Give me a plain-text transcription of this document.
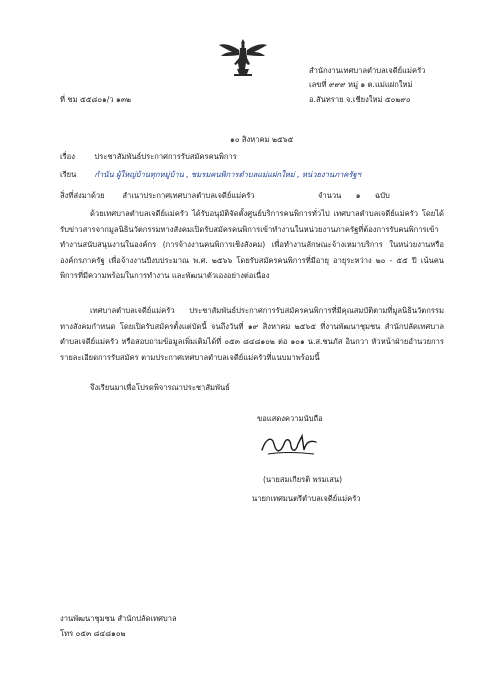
ที่ ชม ๕๕๘๐๑/ว ๑๓๒
สำนักงานเทศบาลตำบลเจดีย์แม่ครัว
เลขที่ ๙๙๙ หมู่ ๑ ต.แม่แฝกใหม่
อ.สันทราย จ.เชียงใหม่ ๕๐๒๙๐
๑๐ สิงหาคม ๒๕๖๕
เรื่อง	ประชาสัมพันธ์ประกาศการรับสมัครคนพิการ
เรียน กำนัน ผู้ใหญ่บ้านทุกหมู่บ้าน , ชมรมคนพิการตำบลแม่แฝกใหม่ , หน่วยงานภาครัฐฯ
สิ่งที่ส่งมาด้วย สำเนาประกาศเทศบาลตำบลเจดีย์แม่ครัว	จำนวน ๑ ฉบับ
ด้วยเทศบาลตำบลเจดีย์แม่ครัว ได้รับอนุมัติจัดตั้งศูนย์บริการคนพิการทั่วไป เทศบาลตำบลเจดีย์แม่ครัว โดยได้รับข่าวสารจากมูลนิธินวัตกรรมทางสังคมเปิดรับสมัครคนพิการเข้าทำงานในหน่วยงานภาครัฐที่ต้องการรับคนพิการเข้าทำงานสนับสนุนงานในองค์กร (การจ้างงานคนพิการเชิงสังคม) เพื่อทำงานลักษณะจ้างเหมาบริการ ในหน่วยงานหรือองค์กรภาครัฐ เพื่อจ้างงานปีงบประมาณ พ.ศ. ๒๕๖๖ โดยรับสมัครคนพิการที่มีอายุ อายุระหว่าง ๒๐ - ๕๕ ปี เน้นคนพิการที่มีความพร้อมในการทำงาน และพัฒนาตัวเองอย่างต่อเนื่อง
เทศบาลตำบลเจดีย์แม่ครัว ประชาสัมพันธ์ประกาศการรับสมัครคนพิการที่มีคุณสมบัติตามที่มูลนิธินวัตกรรมทางสังคมกำหนด โดยเปิดรับสมัครตั้งแต่บัดนี้ จนถึงวันที่ ๑๙ สิงหาคม ๒๕๖๕ ที่งานพัฒนาชุมชน สำนักปลัดเทศบาลตำบลเจดีย์แม่ครัว หรือสอบถามข้อมูลเพิ่มเติมได้ที่ ๐๕๓ ๘๔๘๑๐๒ ต่อ ๑๐๑ น.ส.ชนภัส อินกวา หัวหน้าฝ่ายอำนวยการ รายละเอียดการรับสมัคร ตามประกาศเทศบาลตำบลเจดีย์แม่ครัวที่แนบมาพร้อมนี้
จึงเรียนมาเพื่อโปรดพิจารณาประชาสัมพันธ์
ขอแสดงความนับถือ
(นายสมเกียรติ พรมเสน)
นายกเทศมนตรีตำบลเจดีย์แม่ครัว
งานพัฒนาชุมชน สำนักปลัดเทศบาล
โทร ๐๕๓ ๘๔๘๑๐๒
